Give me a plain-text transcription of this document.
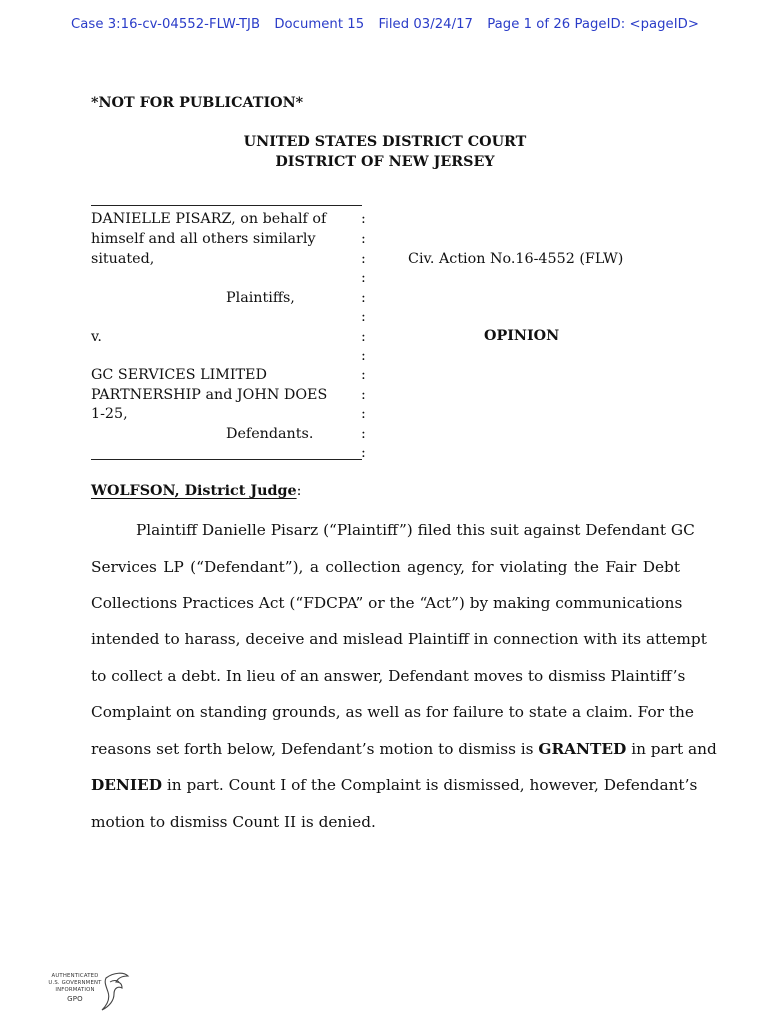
Case 3:16-cv-04552-FLW-TJB Document 15 Filed 03/24/17 Page 1 of 26 PageID: <pageID>
*NOT FOR PUBLICATION*
UNITED STATES DISTRICT COURT
DISTRICT OF NEW JERSEY
DANIELLE PISARZ, on behalf of
himself and all others similarly
situated,
Plaintiffs,
v.
GC SERVICES LIMITED
PARTNERSHIP and JOHN DOES
1-25,
Defendants.
:
:
:
:
:
:
:
:
:
:
:
:
:
Civ. Action No.16-4552 (FLW)
OPINION
WOLFSON, District Judge:
Plaintiff Danielle Pisarz (“Plaintiff”) filed this suit against Defendant GC
Services LP (“Defendant”), a collection agency, for violating the Fair Debt
Collections Practices Act (“FDCPA” or the “Act”) by making communications
intended to harass, deceive and mislead Plaintiff in connection with its attempt
to collect a debt. In lieu of an answer, Defendant moves to dismiss Plaintiff’s
Complaint on standing grounds, as well as for failure to state a claim. For the
reasons set forth below, Defendant’s motion to dismiss is GRANTED in part and
DENIED in part. Count I of the Complaint is dismissed, however, Defendant’s
motion to dismiss Count II is denied.
AUTHENTICATED
U.S. GOVERNMENT
INFORMATION
GPO
